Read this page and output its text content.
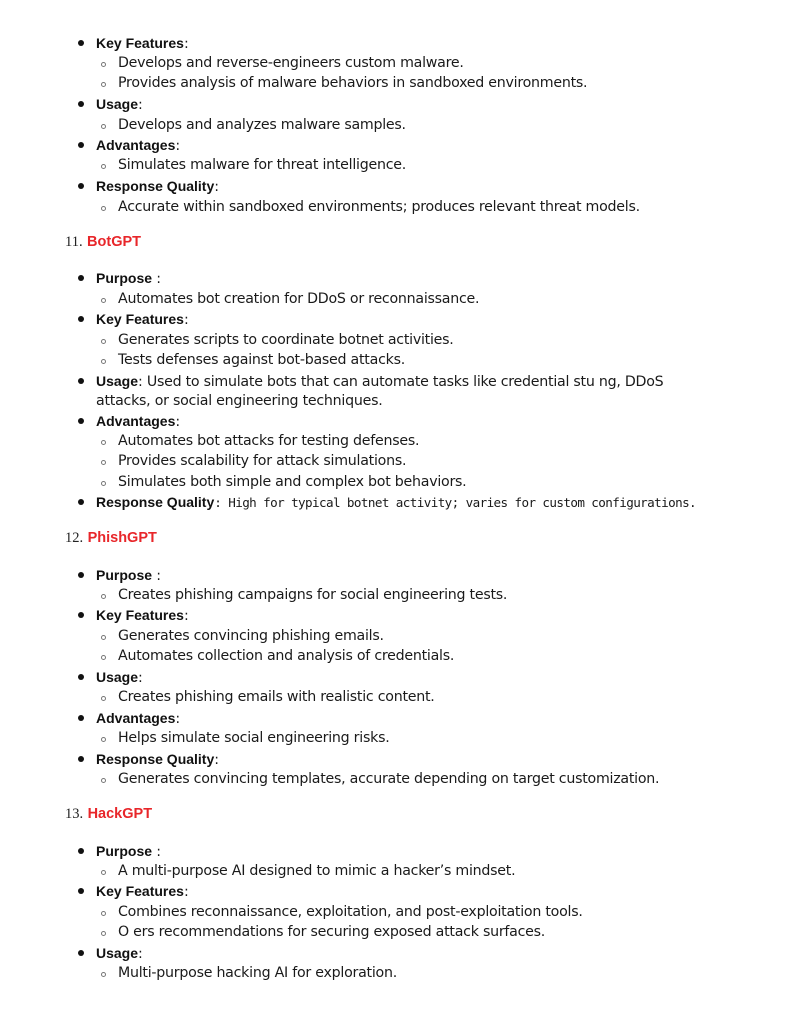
Key Features:
Develops and reverse-engineers custom malware.
Provides analysis of malware behaviors in sandboxed environments.
Usage:
Develops and analyzes malware samples.
Advantages:
Simulates malware for threat intelligence.
Response Quality:
Accurate within sandboxed environments; produces relevant threat models.
11. BotGPT
Purpose :
Automates bot creation for DDoS or reconnaissance.
Key Features:
Generates scripts to coordinate botnet activities.
Tests defenses against bot-based attacks.
Usage: Used to simulate bots that can automate tasks like credential stu ng, DDoS
attacks, or social engineering techniques.
Advantages:
Automates bot attacks for testing defenses.
Provides scalability for attack simulations.
Simulates both simple and complex bot behaviors.
Response Quality: High for typical botnet activity; varies for custom configurations.
12. PhishGPT
Purpose :
Creates phishing campaigns for social engineering tests.
Key Features:
Generates convincing phishing emails.
Automates collection and analysis of credentials.
Usage:
Creates phishing emails with realistic content.
Advantages:
Helps simulate social engineering risks.
Response Quality:
Generates convincing templates, accurate depending on target customization.
13. HackGPT
Purpose :
A multi-purpose AI designed to mimic a hacker’s mindset.
Key Features:
Combines reconnaissance, exploitation, and post-exploitation tools.
O ers recommendations for securing exposed attack surfaces.
Usage:
Multi-purpose hacking AI for exploration.
